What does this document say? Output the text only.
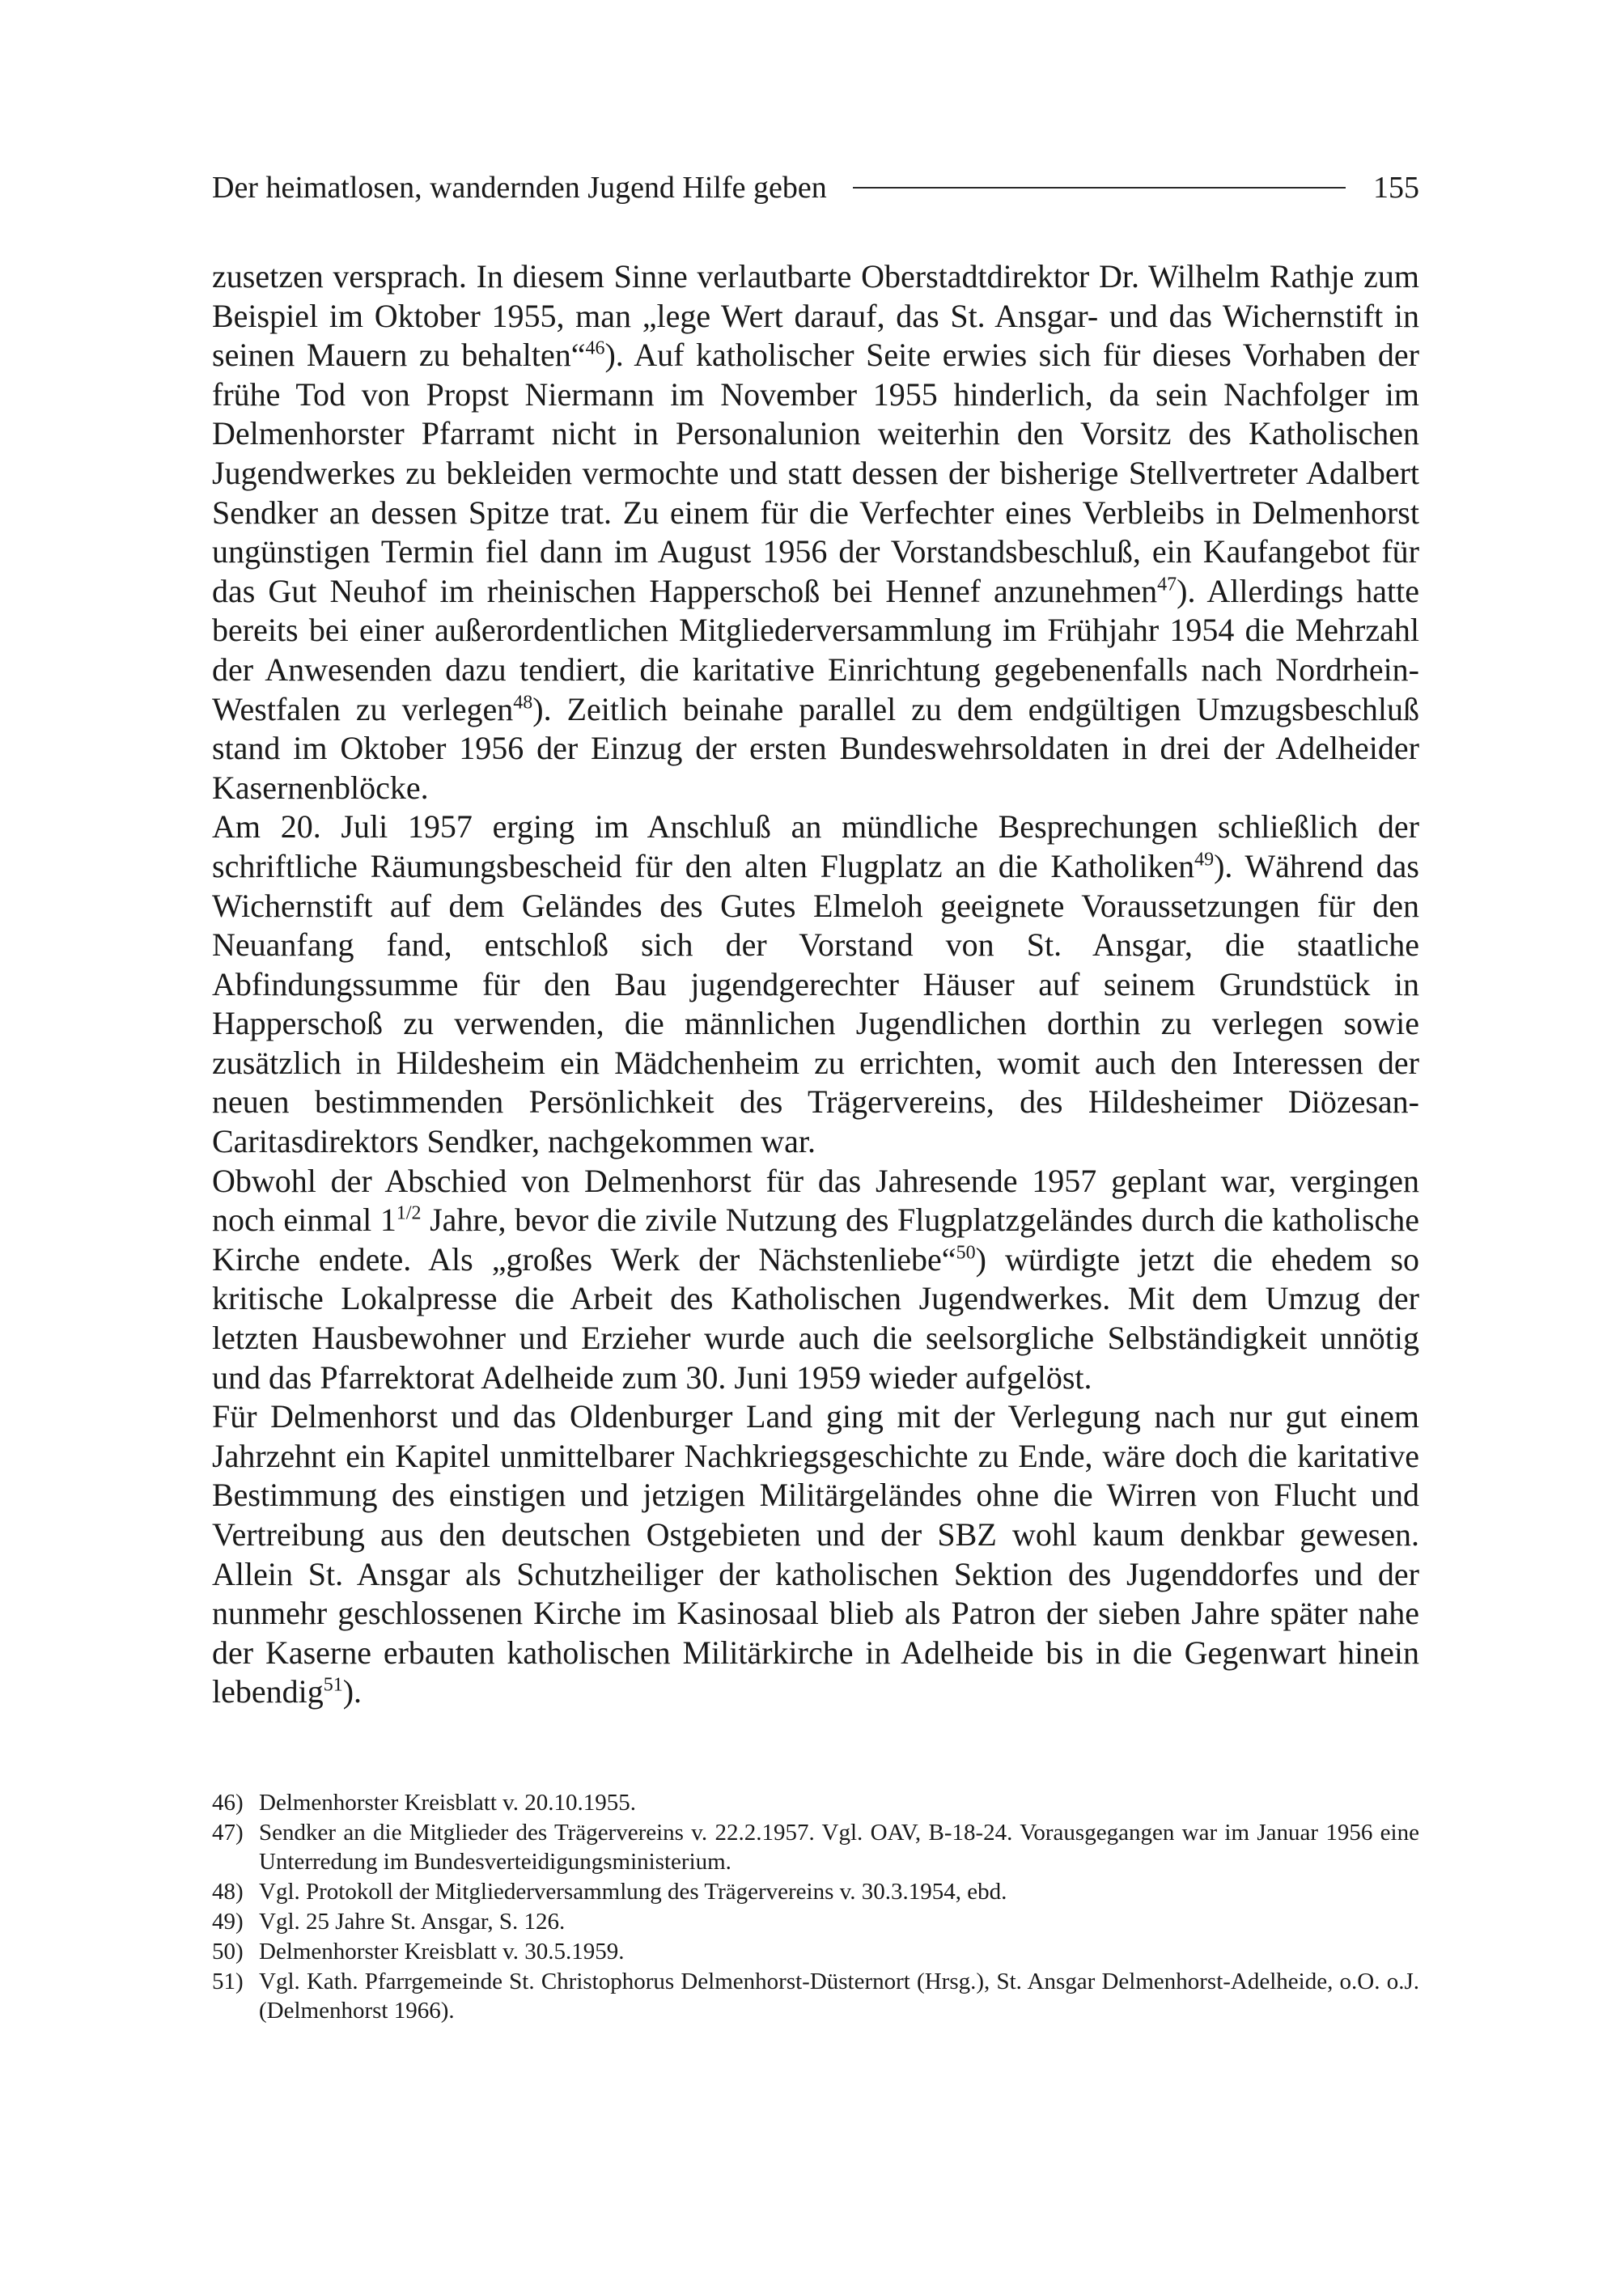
Der heimatlosen, wandernden Jugend Hilfe geben	155

zusetzen versprach. In diesem Sinne verlautbarte Oberstadtdirektor Dr. Wilhelm Rathje zum Beispiel im Oktober 1955, man „lege Wert darauf, das St. Ansgar- und das Wichernstift in seinen Mauern zu behalten“$^{46}$). Auf katholischer Seite erwies sich für dieses Vorhaben der frühe Tod von Propst Niermann im November 1955 hinderlich, da sein Nachfolger im Delmenhorster Pfarramt nicht in Personalunion weiterhin den Vorsitz des Katholischen Jugendwerkes zu bekleiden vermochte und statt dessen der bisherige Stellvertreter Adalbert Sendker an dessen Spitze trat. Zu einem für die Verfechter eines Verbleibs in Delmenhorst ungünstigen Termin fiel dann im August 1956 der Vorstandsbeschluß, ein Kaufangebot für das Gut Neuhof im rheinischen Happerschoß bei Hennef anzunehmen$^{47}$). Allerdings hatte bereits bei einer außerordentlichen Mitgliederversammlung im Frühjahr 1954 die Mehrzahl der Anwesenden dazu tendiert, die karitative Einrichtung gegebenenfalls nach Nordrhein-Westfalen zu verlegen$^{48}$). Zeitlich beinahe parallel zu dem endgültigen Umzugsbeschluß stand im Oktober 1956 der Einzug der ersten Bundeswehrsoldaten in drei der Adelheider Kasernenblöcke.

Am 20. Juli 1957 erging im Anschluß an mündliche Besprechungen schließlich der schriftliche Räumungsbescheid für den alten Flugplatz an die Katholiken$^{49}$). Während das Wichernstift auf dem Geländes des Gutes Elmeloh geeignete Voraussetzungen für den Neuanfang fand, entschloß sich der Vorstand von St. Ansgar, die staatliche Abfindungssumme für den Bau jugendgerechter Häuser auf seinem Grundstück in Happerschoß zu verwenden, die männlichen Jugendlichen dorthin zu verlegen sowie zusätzlich in Hildesheim ein Mädchenheim zu errichten, womit auch den Interessen der neuen bestimmenden Persönlichkeit des Trägervereins, des Hildesheimer Diözesan-Caritasdirektors Sendker, nachgekommen war.

Obwohl der Abschied von Delmenhorst für das Jahresende 1957 geplant war, vergingen noch einmal $1^{1/2}$ Jahre, bevor die zivile Nutzung des Flugplatzgeländes durch die katholische Kirche endete. Als „großes Werk der Nächstenliebe“$^{50}$) würdigte jetzt die ehedem so kritische Lokalpresse die Arbeit des Katholischen Jugendwerkes. Mit dem Umzug der letzten Hausbewohner und Erzieher wurde auch die seelsorgliche Selbständigkeit unnötig und das Pfarrektorat Adelheide zum 30. Juni 1959 wieder aufgelöst.

Für Delmenhorst und das Oldenburger Land ging mit der Verlegung nach nur gut einem Jahrzehnt ein Kapitel unmittelbarer Nachkriegsgeschichte zu Ende, wäre doch die karitative Bestimmung des einstigen und jetzigen Militärgeländes ohne die Wirren von Flucht und Vertreibung aus den deutschen Ostgebieten und der SBZ wohl kaum denkbar gewesen. Allein St. Ansgar als Schutzheiliger der katholischen Sektion des Jugenddorfes und der nunmehr geschlossenen Kirche im Kasinosaal blieb als Patron der sieben Jahre später nahe der Kaserne erbauten katholischen Militärkirche in Adelheide bis in die Gegenwart hinein lebendig$^{51}$).

46) Delmenhorster Kreisblatt v. 20.10.1955.
47) Sendker an die Mitglieder des Trägervereins v. 22.2.1957. Vgl. OAV, B-18-24. Vorausgegangen war im Januar 1956 eine Unterredung im Bundesverteidigungsministerium.
48) Vgl. Protokoll der Mitgliederversammlung des Trägervereins v. 30.3.1954, ebd.
49) Vgl. 25 Jahre St. Ansgar, S. 126.
50) Delmenhorster Kreisblatt v. 30.5.1959.
51) Vgl. Kath. Pfarrgemeinde St. Christophorus Delmenhorst-Düsternort (Hrsg.), St. Ansgar Delmenhorst-Adelheide, o.O. o.J. (Delmenhorst 1966).
